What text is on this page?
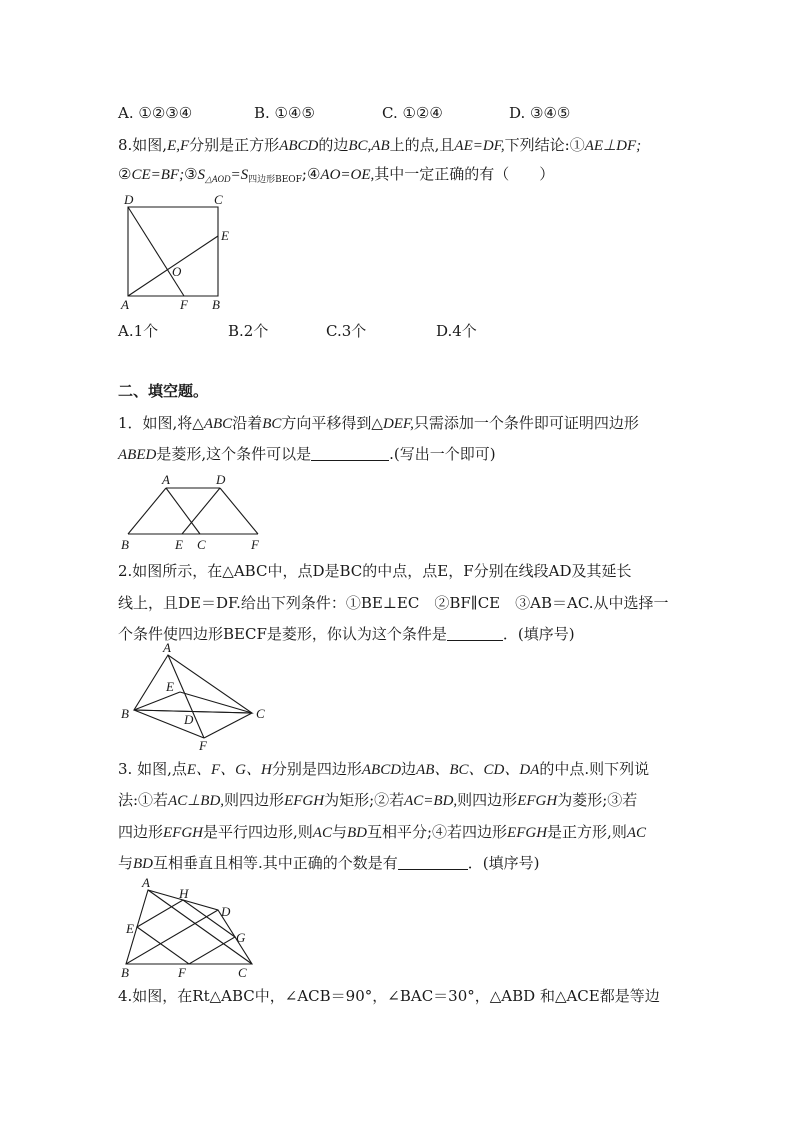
A. ①②③④	B. ①④⑤	C. ①②④	D. ③④⑤
8.如图,E,F分别是正方形ABCD的边BC,AB上的点,且AE=DF,下列结论:①AE⊥DF;
$②CE=BF;③S_{\triangle AOD}=S_{四边形BEOF};④AO=OE$,其中一定正确的有（　　）
D	C
E
O
A	F B
A.1个	B.2个	C.3个	D.4个
二、填空题。
1．如图,将△ABC沿着BC方向平移得到△DEF,只需添加一个条件即可证明四边形
ABED是菱形,这个条件可以是	.(写出一个即可)
A	D
B	E C	F
2.如图所示，在△ABC中，点D是BC的中点，点E，F分别在线段AD及其延长
线上，且DE＝DF.给出下列条件：①BE⊥EC　②BF∥CE　③AB＝AC.从中选择一
个条件使四边形BECF是菱形，你认为这个条件是	．(填序号)
A
E
B	D	C
F
3. 如图,点E、F、G、H分别是四边形ABCD边AB、BC、CD、DA的中点.则下列说
法:①若AC⊥BD,则四边形EFGH为矩形;②若AC=BD,则四边形EFGH为菱形;③若
四边形EFGH是平行四边形,则AC与BD互相平分;④若四边形EFGH是正方形,则AC
与BD互相垂直且相等.其中正确的个数是有	．(填序号)
A
H
D
E
G
B	F	C
4.如图，在Rt△ABC中，∠ACB＝90°，∠BAC＝30°，△ABD 和△ACE都是等边
